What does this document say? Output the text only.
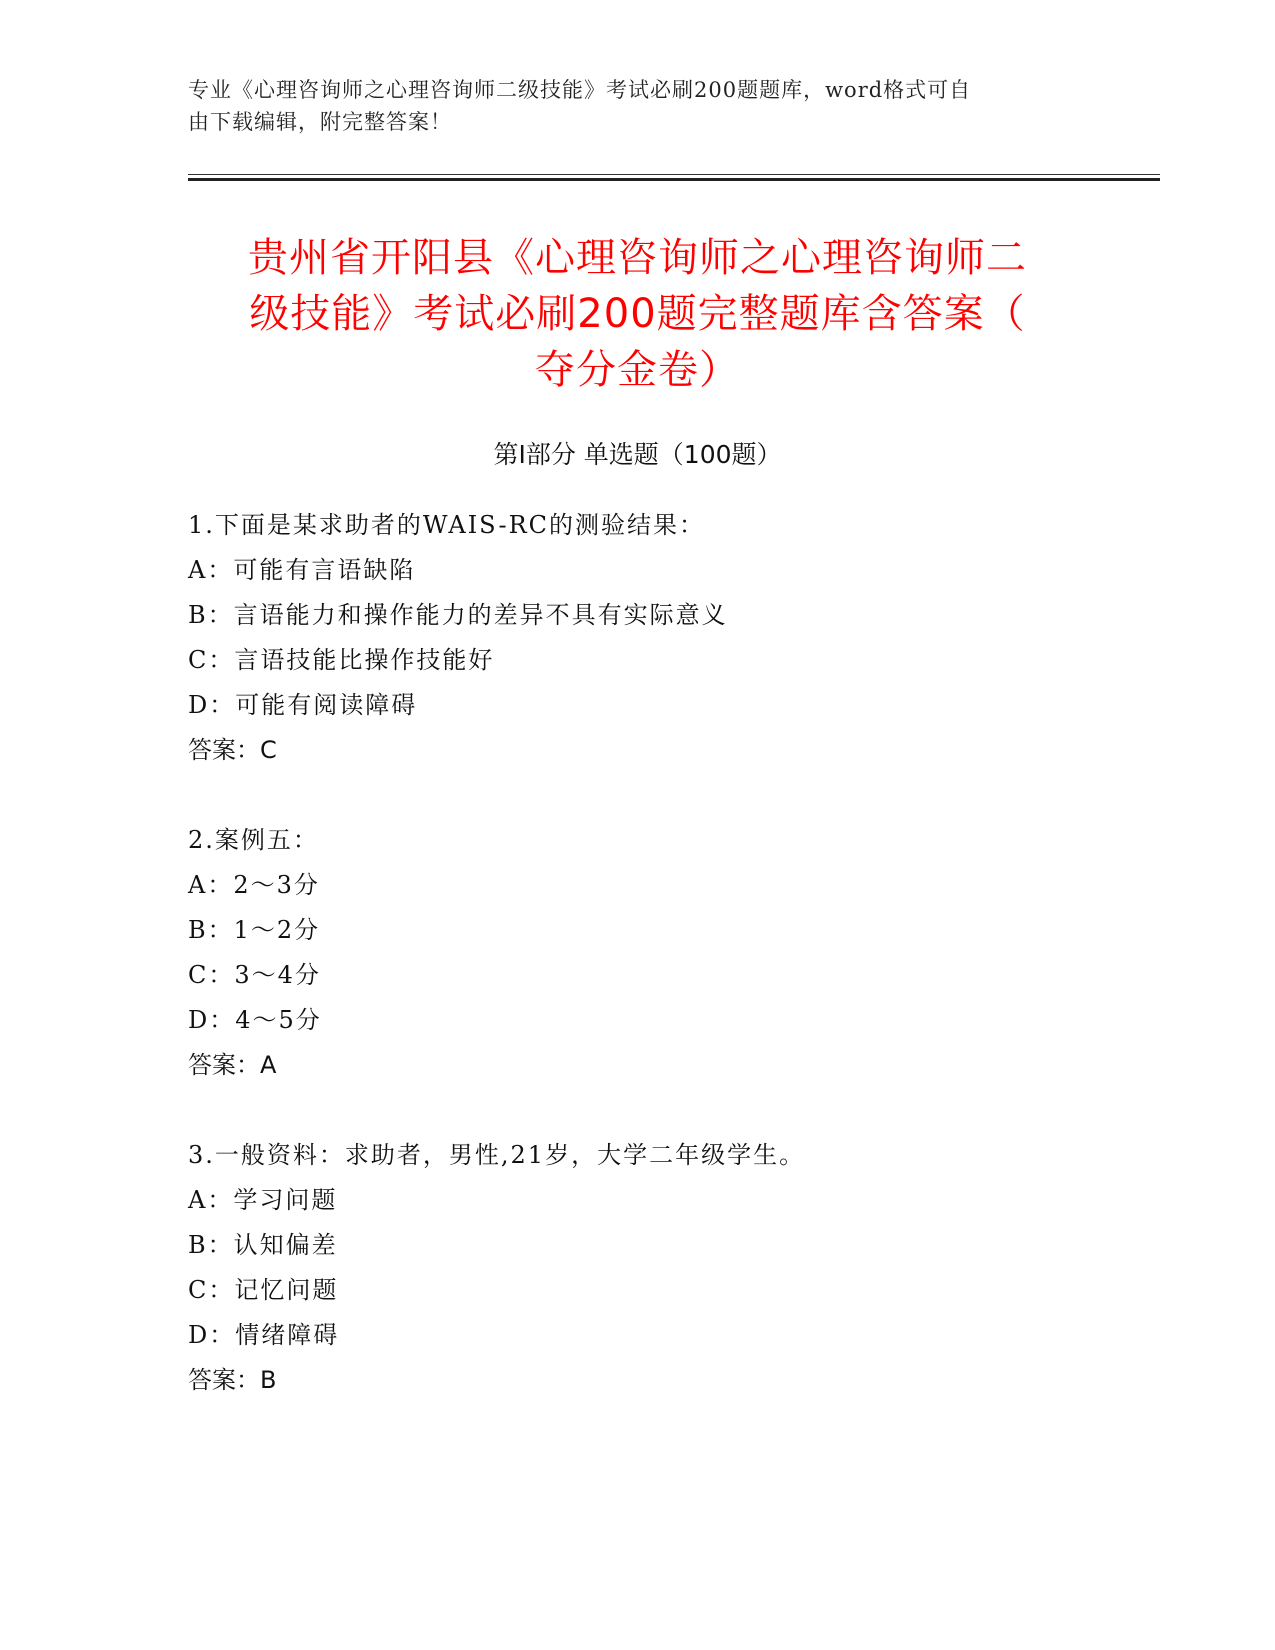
专业《心理咨询师之心理咨询师二级技能》考试必刷200题题库，word格式可自
由下载编辑，附完整答案！
贵州省开阳县《心理咨询师之心理咨询师二
级技能》考试必刷200题完整题库含答案（
夺分金卷）
第Ⅰ部分 单选题（100题）
1.下面是某求助者的WAIS-RC的测验结果：
A：可能有言语缺陷
B：言语能力和操作能力的差异不具有实际意义
C：言语技能比操作技能好
D：可能有阅读障碍
答案：C
2.案例五：
A：2～3分
B：1～2分
C：3～4分
D：4～5分
答案：A
3.一般资料：求助者，男性,21岁，大学二年级学生。
A：学习问题
B：认知偏差
C：记忆问题
D：情绪障碍
答案：B
